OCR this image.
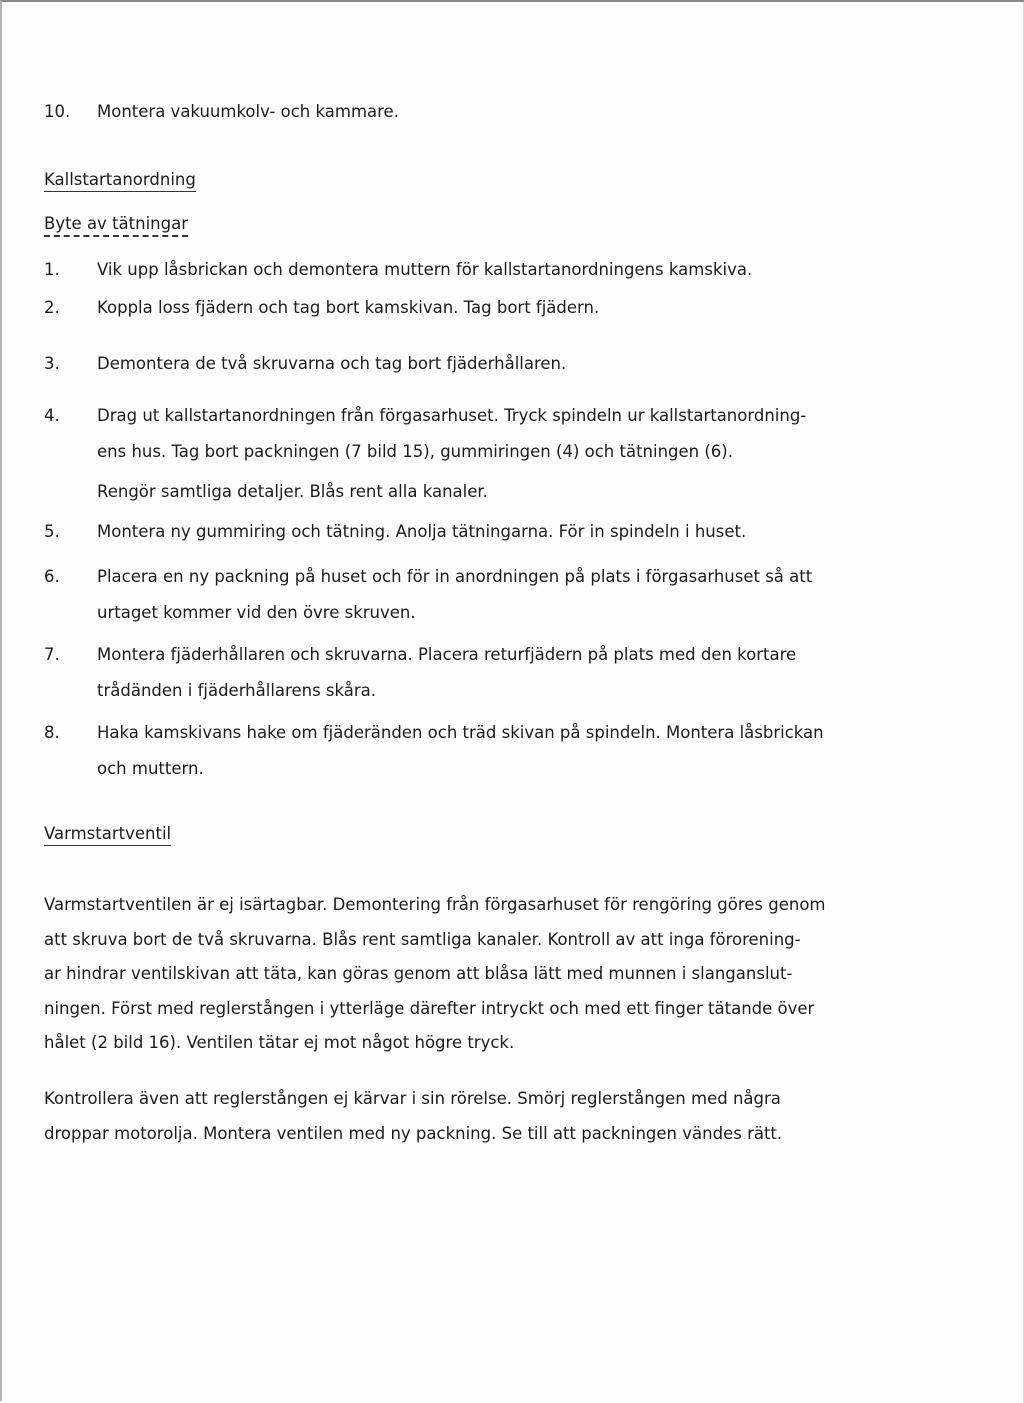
10.	Montera vakuumkolv- och kammare.
Kallstartanordning
Byte av tätningar
1.	Vik upp låsbrickan och demontera muttern för kallstartanordningens kamskiva.
2.	Koppla loss fjädern och tag bort kamskivan. Tag bort fjädern.
3.	Demontera de två skruvarna och tag bort fjäderhållaren.
4.	Drag ut kallstartanordningen från förgasarhuset. Tryck spindeln ur kallstartanordning-
ens hus. Tag bort packningen (7 bild 15), gummiringen (4) och tätningen (6).
Rengör samtliga detaljer. Blås rent alla kanaler.
5.	Montera ny gummiring och tätning. Anolja tätningarna. För in spindeln i huset.
6.	Placera en ny packning på huset och för in anordningen på plats i förgasarhuset så att
urtaget kommer vid den övre skruven.
7.	Montera fjäderhållaren och skruvarna. Placera returfjädern på plats med den kortare
trådänden i fjäderhållarens skåra.
8.	Haka kamskivans hake om fjäderänden och träd skivan på spindeln. Montera låsbrickan
och muttern.
Varmstartventil
Varmstartventilen är ej isärtagbar. Demontering från förgasarhuset för rengöring göres genom
att skruva bort de två skruvarna. Blås rent samtliga kanaler. Kontroll av att inga förorening-
ar hindrar ventilskivan att täta, kan göras genom att blåsa lätt med munnen i slanganslut-
ningen. Först med reglerstången i ytterläge därefter intryckt och med ett finger tätande över
hålet (2 bild 16). Ventilen tätar ej mot något högre tryck.
Kontrollera även att reglerstången ej kärvar i sin rörelse. Smörj reglerstången med några
droppar motorolja. Montera ventilen med ny packning. Se till att packningen vändes rätt.
